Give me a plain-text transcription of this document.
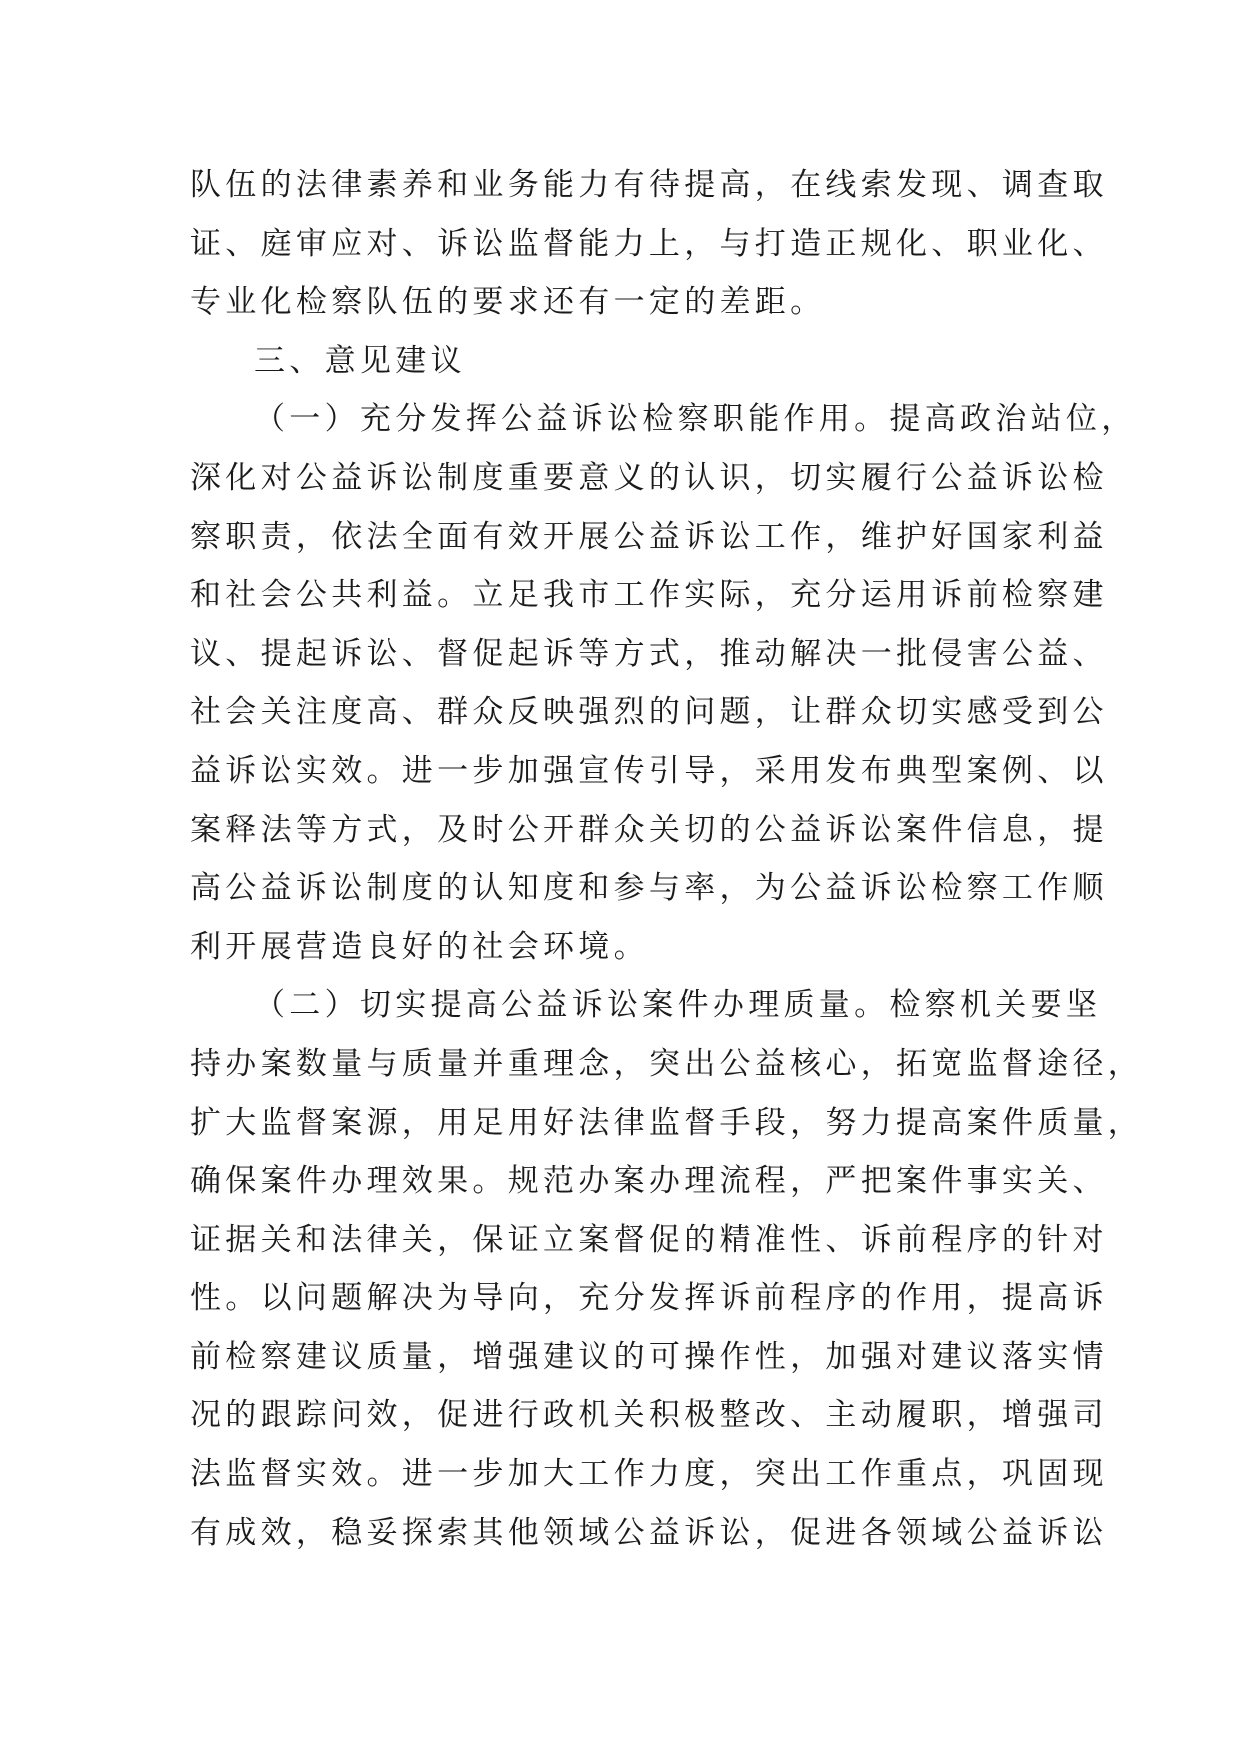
队伍的法律素养和业务能力有待提高，在线索发现、调查取
证、庭审应对、诉讼监督能力上，与打造正规化、职业化、
专业化检察队伍的要求还有一定的差距。
三、意见建议
（一）充分发挥公益诉讼检察职能作用。提高政治站位，
深化对公益诉讼制度重要意义的认识，切实履行公益诉讼检
察职责，依法全面有效开展公益诉讼工作，维护好国家利益
和社会公共利益。立足我市工作实际，充分运用诉前检察建
议、提起诉讼、督促起诉等方式，推动解决一批侵害公益、
社会关注度高、群众反映强烈的问题，让群众切实感受到公
益诉讼实效。进一步加强宣传引导，采用发布典型案例、以
案释法等方式，及时公开群众关切的公益诉讼案件信息，提
高公益诉讼制度的认知度和参与率，为公益诉讼检察工作顺
利开展营造良好的社会环境。
（二）切实提高公益诉讼案件办理质量。检察机关要坚
持办案数量与质量并重理念，突出公益核心，拓宽监督途径，
扩大监督案源，用足用好法律监督手段，努力提高案件质量，
确保案件办理效果。规范办案办理流程，严把案件事实关、
证据关和法律关，保证立案督促的精准性、诉前程序的针对
性。以问题解决为导向，充分发挥诉前程序的作用，提高诉
前检察建议质量，增强建议的可操作性，加强对建议落实情
况的跟踪问效，促进行政机关积极整改、主动履职，增强司
法监督实效。进一步加大工作力度，突出工作重点，巩固现
有成效，稳妥探索其他领域公益诉讼，促进各领域公益诉讼
